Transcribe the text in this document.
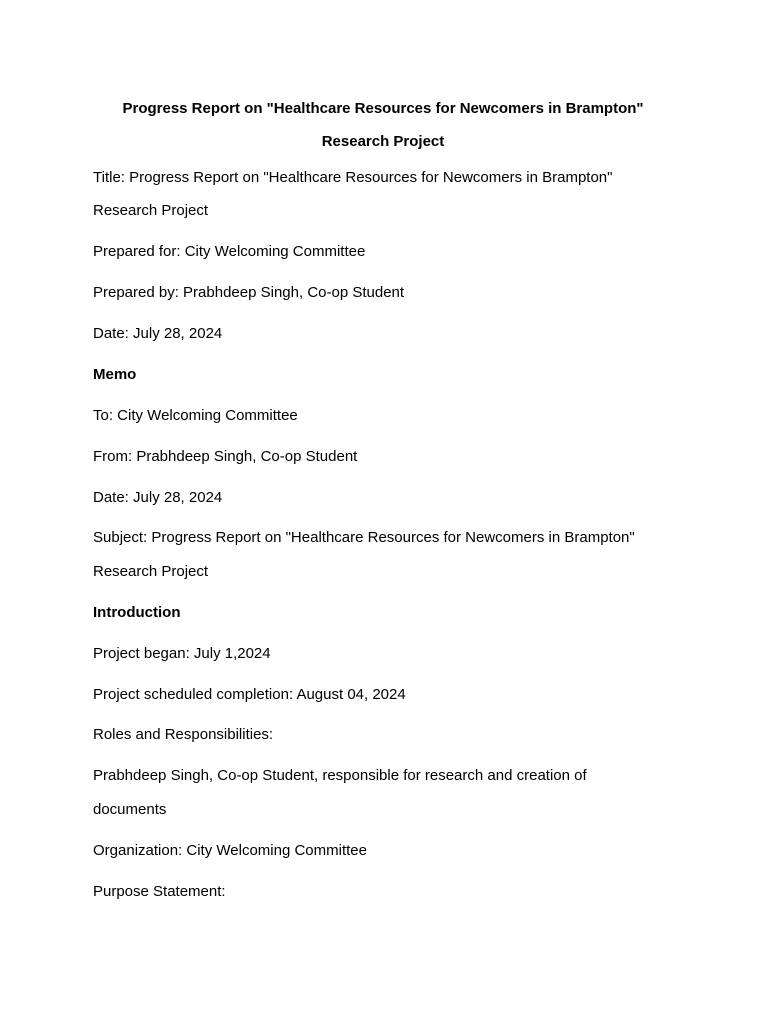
Progress Report on "Healthcare Resources for Newcomers in Brampton" Research Project

Title: Progress Report on "Healthcare Resources for Newcomers in Brampton"

Research Project

Prepared for: City Welcoming Committee

Prepared by: Prabhdeep Singh, Co-op Student

Date: July 28, 2024

Memo

To: City Welcoming Committee

From: Prabhdeep Singh, Co-op Student

Date: July 28, 2024

Subject: Progress Report on "Healthcare Resources for Newcomers in Brampton"

Research Project

Introduction

Project began: July 1,2024

Project scheduled completion: August 04, 2024

Roles and Responsibilities:

Prabhdeep Singh, Co-op Student, responsible for research and creation of

documents

Organization: City Welcoming Committee

Purpose Statement:
